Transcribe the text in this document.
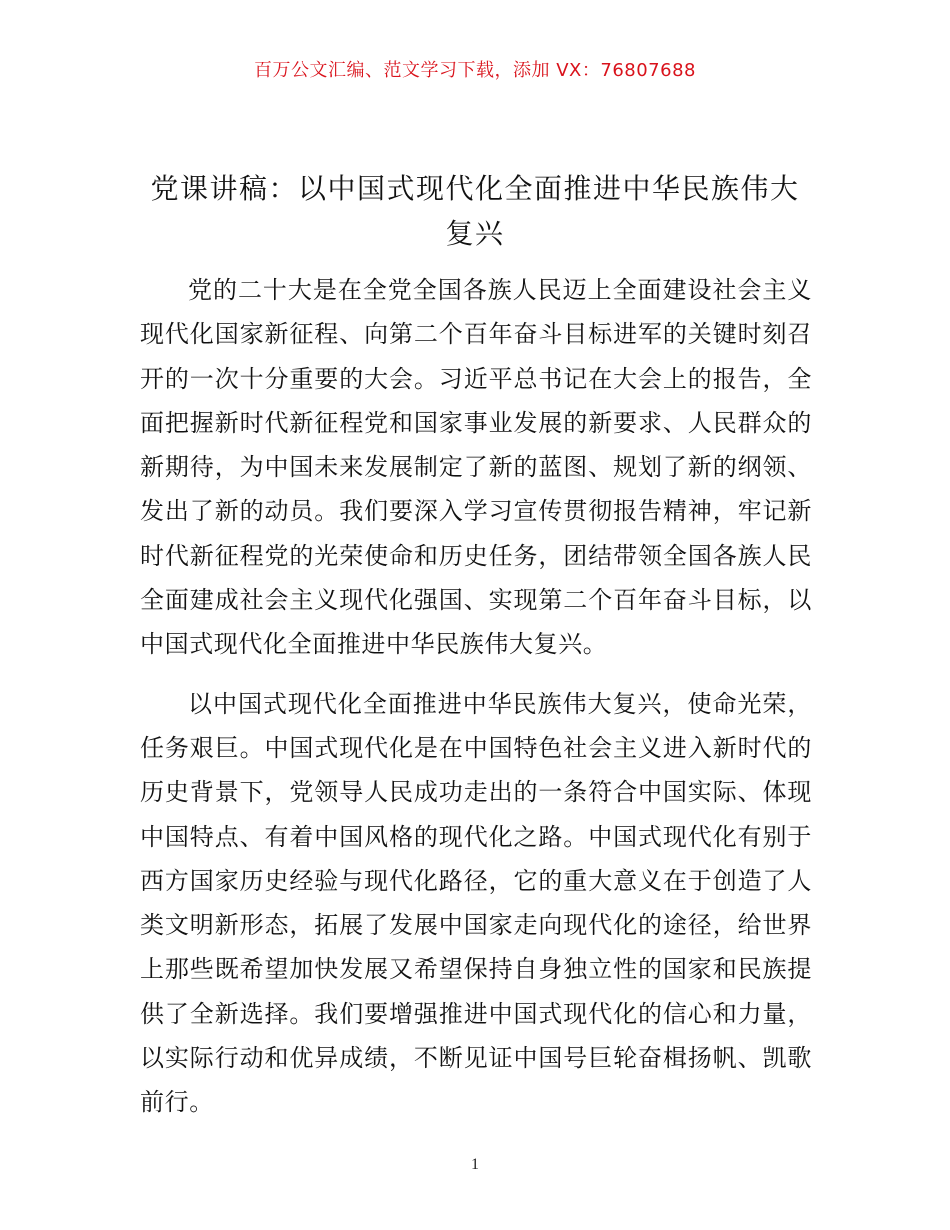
百万公文汇编、范文学习下载，添加 VX：76807688
党课讲稿：以中国式现代化全面推进中华民族伟大复兴

党的二十大是在全党全国各族人民迈上全面建设社会主义现代化国家新征程、向第二个百年奋斗目标进军的关键时刻召开的一次十分重要的大会。习近平总书记在大会上的报告，全面把握新时代新征程党和国家事业发展的新要求、人民群众的新期待，为中国未来发展制定了新的蓝图、规划了新的纲领、发出了新的动员。我们要深入学习宣传贯彻报告精神，牢记新时代新征程党的光荣使命和历史任务，团结带领全国各族人民全面建成社会主义现代化强国、实现第二个百年奋斗目标，以中国式现代化全面推进中华民族伟大复兴。

以中国式现代化全面推进中华民族伟大复兴，使命光荣，任务艰巨。中国式现代化是在中国特色社会主义进入新时代的历史背景下，党领导人民成功走出的一条符合中国实际、体现中国特点、有着中国风格的现代化之路。中国式现代化有别于西方国家历史经验与现代化路径，它的重大意义在于创造了人类文明新形态，拓展了发展中国家走向现代化的途径，给世界上那些既希望加快发展又希望保持自身独立性的国家和民族提供了全新选择。我们要增强推进中国式现代化的信心和力量，以实际行动和优异成绩，不断见证中国号巨轮奋楫扬帆、凯歌前行。

1
